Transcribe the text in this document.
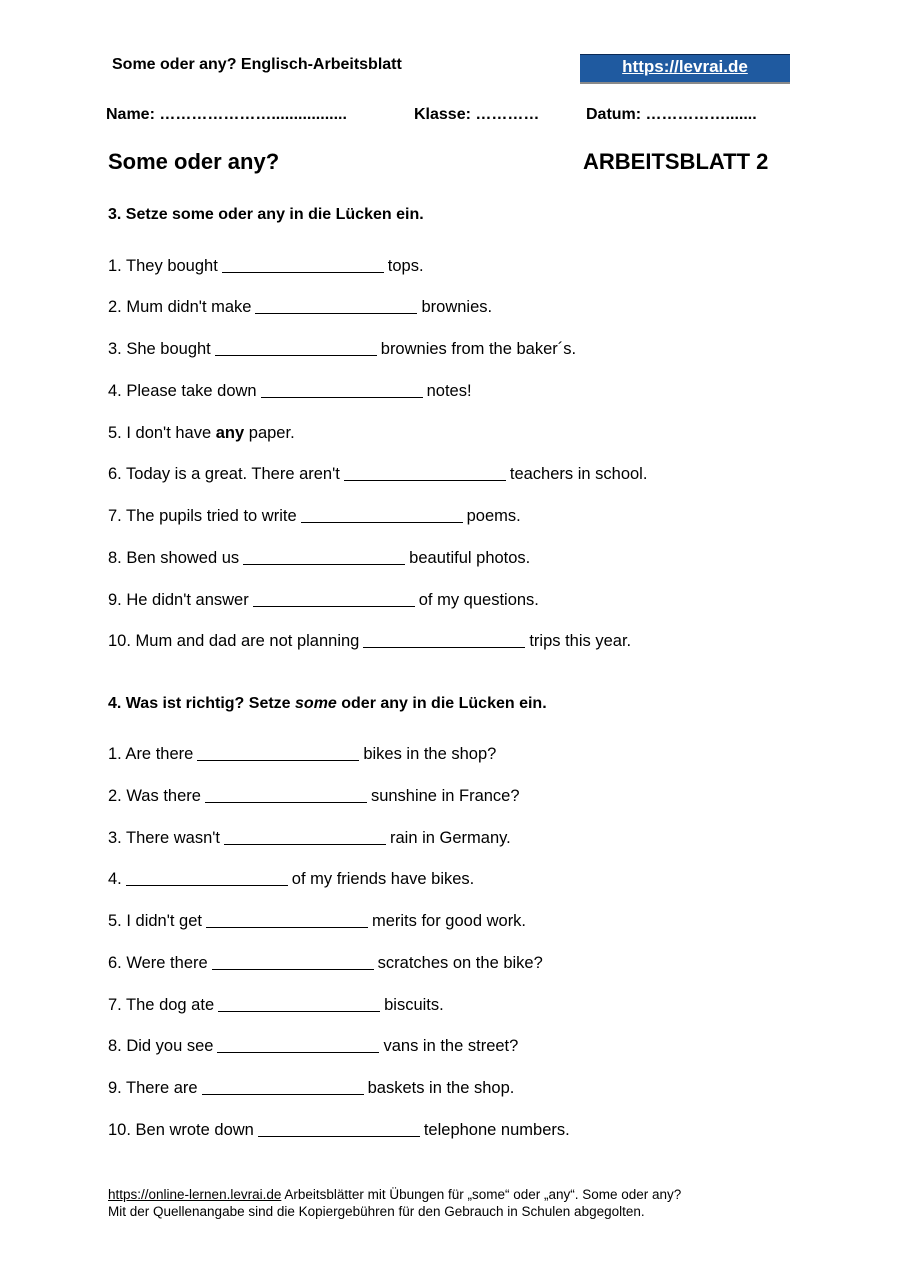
Some oder any? Englisch-Arbeitsblatt	https://levrai.de
Name: ………………….................	Klasse: …………	Datum: …………….......
Some oder any?	ARBEITSBLATT 2
3. Setze some oder any in die Lücken ein.
1. They bought	tops.
2. Mum didn't make	brownies.
3. She bought	brownies from the baker´s.
4. Please take down	notes!
5. I don't have any paper.
6. Today is a great. There aren't	teachers in school.
7. The pupils tried to write	poems.
8. Ben showed us	beautiful photos.
9. He didn't answer	of my questions.
10. Mum and dad are not planning	trips this year.
4. Was ist richtig? Setze some oder any in die Lücken ein.
1. Are there	bikes in the shop?
2. Was there	sunshine in France?
3. There wasn't	rain in Germany.
4.	of my friends have bikes.
5. I didn't get	merits for good work.
6. Were there	scratches on the bike?
7. The dog ate	biscuits.
8. Did you see	vans in the street?
9. There are	baskets in the shop.
10. Ben wrote down	telephone numbers.
https://online-lernen.levrai.de Arbeitsblätter mit Übungen für „some“ oder „any“. Some oder any?
Mit der Quellenangabe sind die Kopiergebühren für den Gebrauch in Schulen abgegolten.
